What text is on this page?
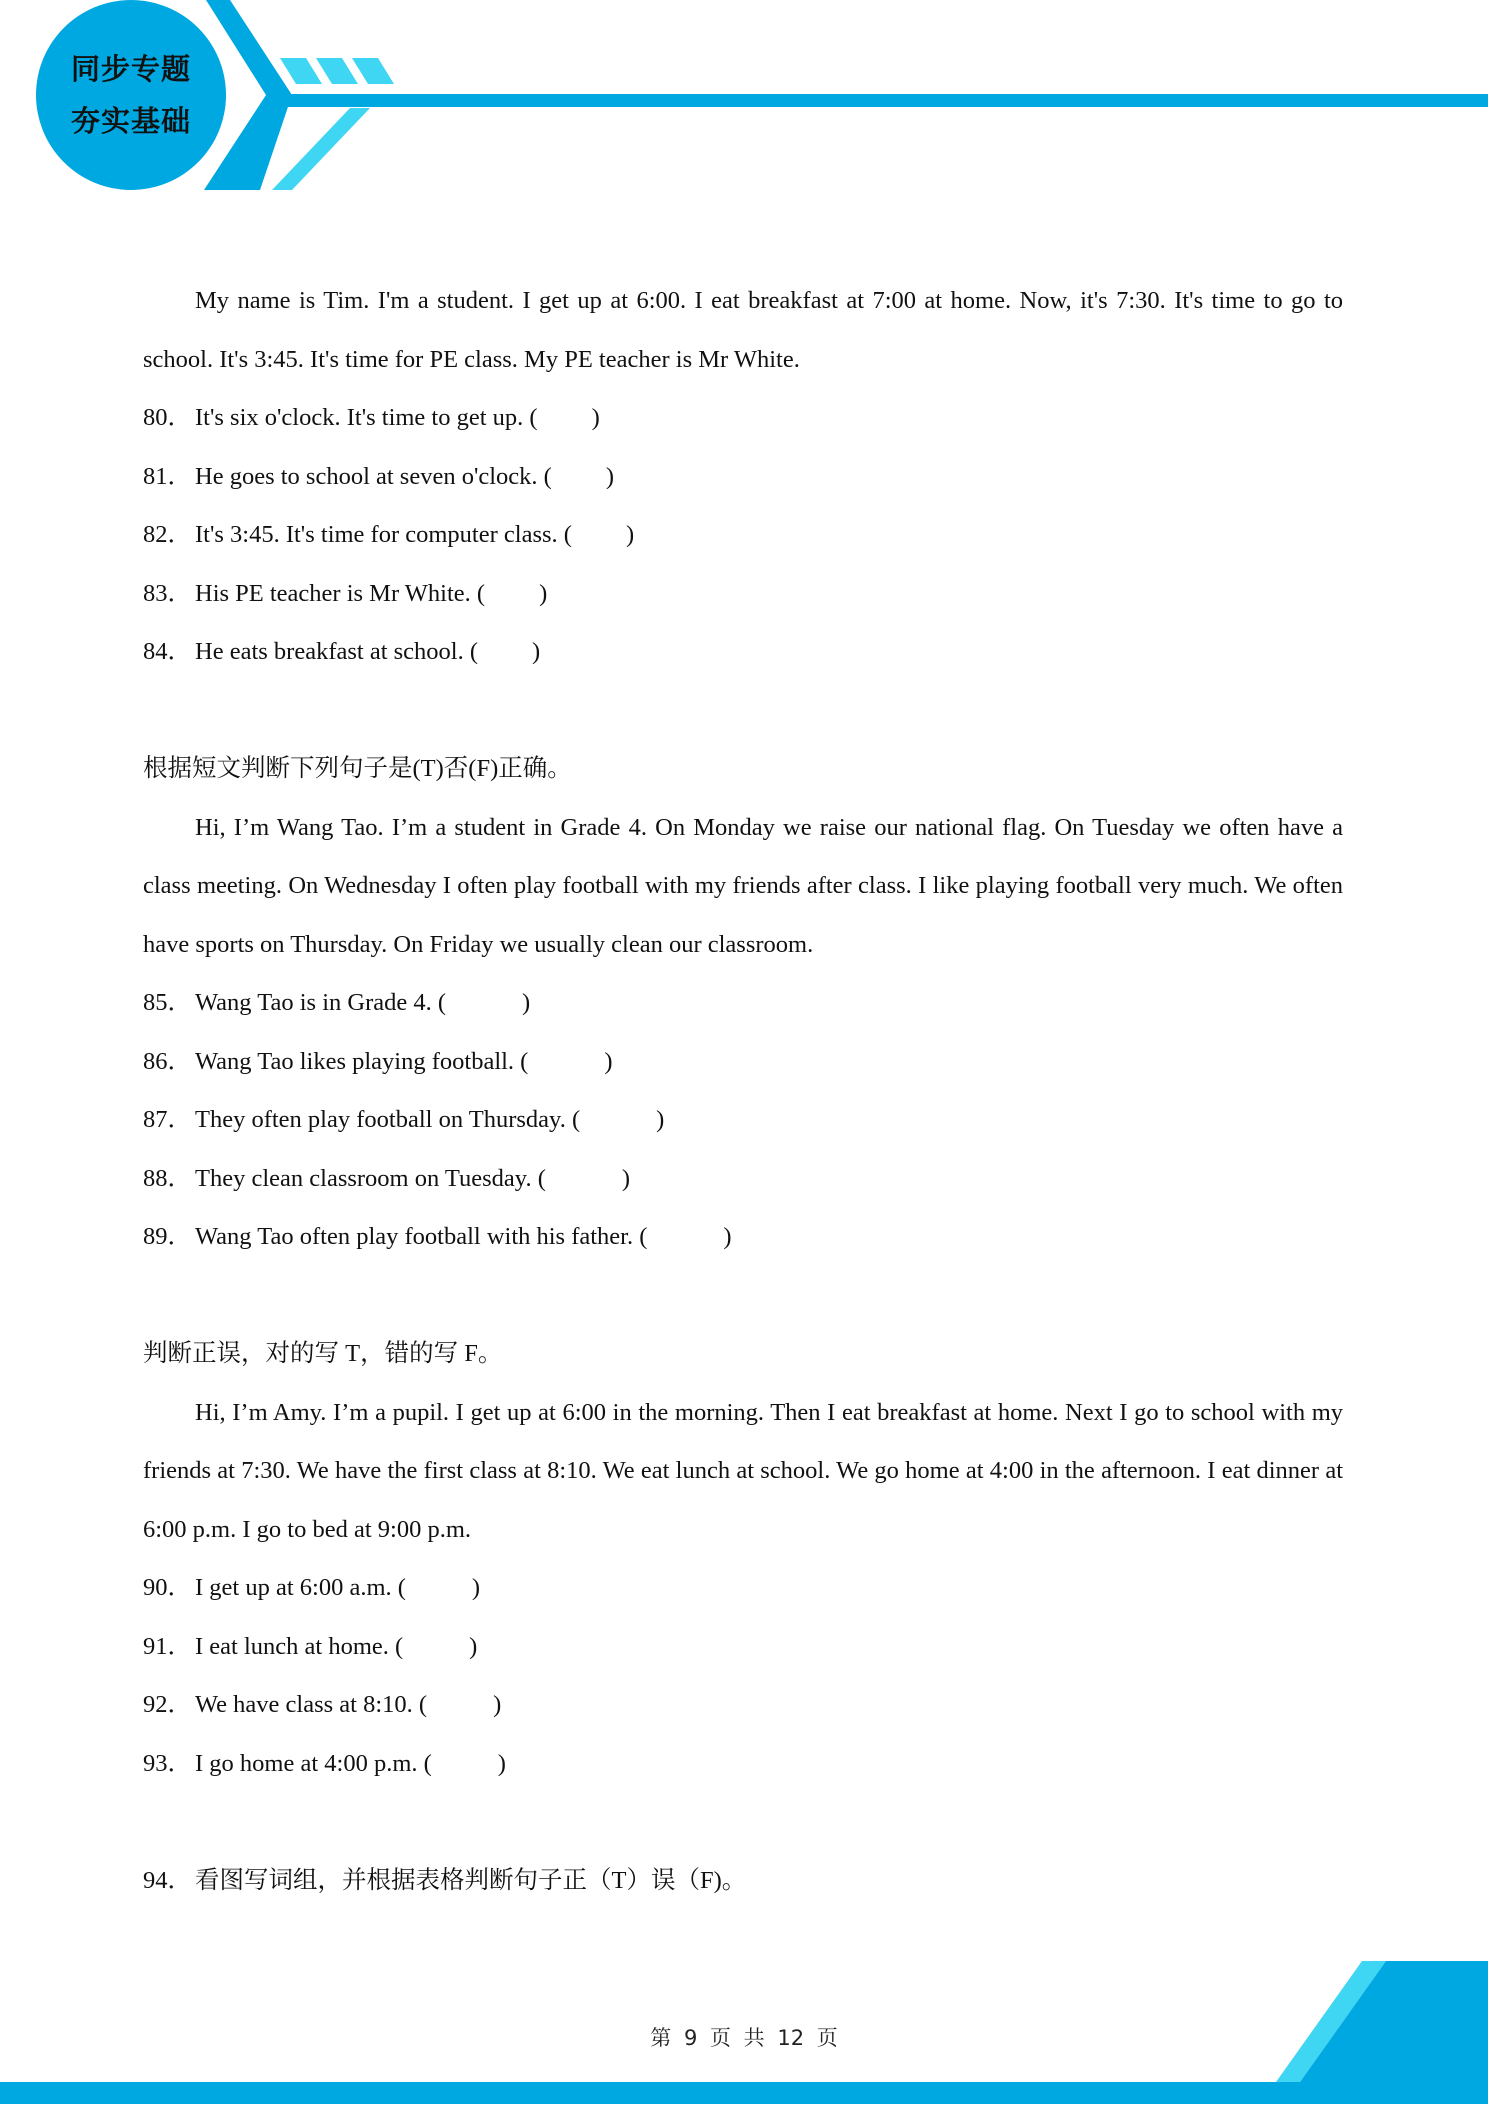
同步专题
夯实基础

My name is Tim. I'm a student. I get up at 6:00. I eat breakfast at 7:00 at home. Now, it's 7:30. It's time to go to school. It's 3:45. It's time for PE class. My PE teacher is Mr White.

80． It's six o'clock. It's time to get up. ( )

81． He goes to school at seven o'clock. ( )

82． It's 3:45. It's time for computer class. ( )

83． His PE teacher is Mr White. ( )

84． He eats breakfast at school. ( )

根据短文判断下列句子是(T)否(F)正确。

Hi, I’m Wang Tao. I’m a student in Grade 4. On Monday we raise our national flag. On Tuesday we often have a class meeting. On Wednesday I often play football with my friends after class. I like playing football very much. We often have sports on Thursday. On Friday we usually clean our classroom.

85． Wang Tao is in Grade 4. (	)

86． Wang Tao likes playing football. (	)

87． They often play football on Thursday. (	)

88． They clean classroom on Tuesday. (	)

89． Wang Tao often play football with his father. (	)

判断正误，对的写 T，错的写 F。

Hi, I’m Amy. I’m a pupil. I get up at 6:00 in the morning. Then I eat breakfast at home. Next I go to school with my friends at 7:30. We have the first class at 8:10. We eat lunch at school. We go home at 4:00 in the afternoon. I eat dinner at 6:00 p.m. I go to bed at 9:00 p.m.

90． I get up at 6:00 a.m. (	)

91． I eat lunch at home. (	)

92． We have class at 8:10. (	)

93． I go home at 4:00 p.m. (	)

94． 看图写词组，并根据表格判断句子正（T）误（F)。

第 9 页 共 12 页
